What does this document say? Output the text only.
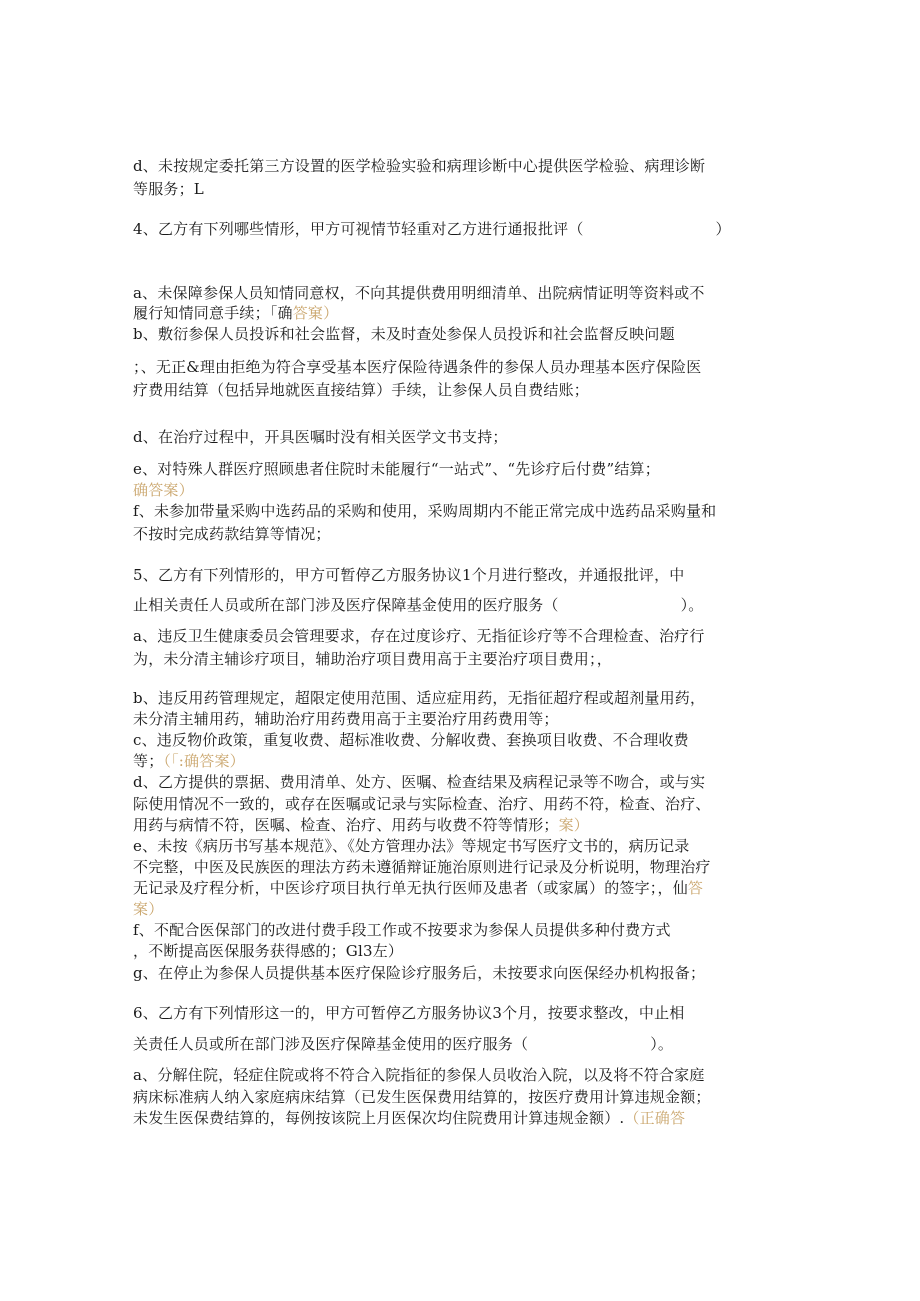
d、未按规定委托第三方设置的医学检验实验和病理诊断中心提供医学检验、病理诊断
等服务；L
4、乙方有下列哪些情形，甲方可视情节轻重对乙方进行通报批评（	）
a、未保障参保人员知情同意权，不向其提供费用明细清单、出院病情证明等资料或不
履行知情同意手续；「确答窠）
b、敷衍参保人员投诉和社会监督，未及时查处参保人员投诉和社会监督反映问题
；、无正&理由拒绝为符合享受基本医疗保险待遇条件的参保人员办理基本医疗保险医
疗费用结算（包括异地就医直接结算）手续，让参保人员自费结账；
d、在治疗过程中，开具医嘱时没有相关医学文书支持；
e、对特殊人群医疗照顾患者住院时未能履行“一站式”、“先诊疗后付费”结算；
确答案）
f、未参加带量采购中选药品的采购和使用，采购周期内不能正常完成中选药品采购量和
不按时完成药款结算等情况；
5、乙方有下列情形的，甲方可暂停乙方服务协议1个月进行整改，并通报批评，中
止相关责任人员或所在部门涉及医疗保障基金使用的医疗服务（	）。
a、违反卫生健康委员会管理要求，存在过度诊疗、无指征诊疗等不合理检查、治疗行
为，未分清主辅诊疗项目，辅助治疗项目费用高于主要治疗项目费用；，
b、违反用药管理规定，超限定使用范围、适应症用药，无指征超疗程或超剂量用药，
未分清主辅用药，辅助治疗用药费用高于主要治疗用药费用等；
c、违反物价政策，重复收费、超标准收费、分解收费、套换项目收费、不合理收费
等；（「:确答案）
d、乙方提供的票据、费用清单、处方、医嘱、检查结果及病程记录等不吻合，或与实
际使用情况不一致的，或存在医嘱或记录与实际检查、治疗、用药不符，检查、治疗、
用药与病情不符，医嘱、检查、治疗、用药与收费不符等情形；案）
e、未按《病历书写基本规范》、《处方管理办法》等规定书写医疗文书的，病历记录
不完整，中医及民族医的理法方药未遵循辩证施治原则进行记录及分析说明，物理治疗
无记录及疗程分析，中医诊疗项目执行单无执行医师及患者（或家属）的签字；，仙答
案）
f、不配合医保部门的改进付费手段工作或不按要求为参保人员提供多种付费方式
，不断提高医保服务获得感的；Gl3左）
g、在停止为参保人员提供基本医疗保险诊疗服务后，未按要求向医保经办机构报备；
6、乙方有下列情形这一的，甲方可暂停乙方服务协议3个月，按要求整改，中止相
关责任人员或所在部门涉及医疗保障基金使用的医疗服务（	）。
a、分解住院，轻症住院或将不符合入院指征的参保人员收治入院，以及将不符合家庭
病床标准病人纳入家庭病床结算（已发生医保费用结算的，按医疗费用计算违规金额；
未发生医保费结算的，每例按该院上月医保次均住院费用计算违规金额）.（正确答
